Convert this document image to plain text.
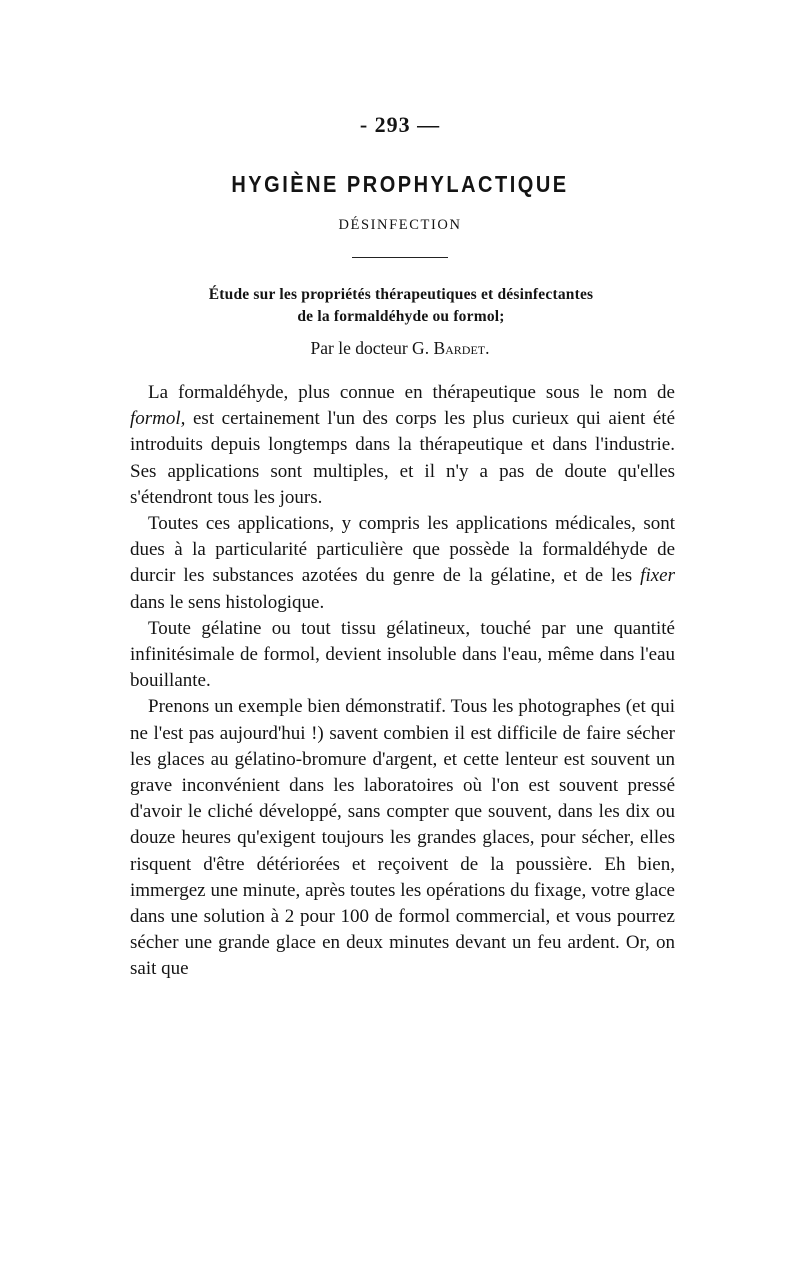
- 293 —
HYGIÈNE PROPHYLACTIQUE
DÉSINFECTION
Étude sur les propriétés thérapeutiques et désinfectantes
de la formaldéhyde ou formol;
Par le docteur G. Bardet.

La formaldéhyde, plus connue en thérapeutique sous le nom de formol, est certainement l'un des corps les plus curieux qui aient été introduits depuis longtemps dans la thérapeutique et dans l'industrie. Ses applications sont multiples, et il n'y a pas de doute qu'elles s'étendront tous les jours.

Toutes ces applications, y compris les applications médicales, sont dues à la particularité particulière que possède la formaldéhyde de durcir les substances azotées du genre de la gélatine, et de les fixer dans le sens histologique.

Toute gélatine ou tout tissu gélatineux, touché par une quantité infinitésimale de formol, devient insoluble dans l'eau, même dans l'eau bouillante.

Prenons un exemple bien démonstratif. Tous les photographes (et qui ne l'est pas aujourd'hui !) savent combien il est difficile de faire sécher les glaces au gélatino-bromure d'argent, et cette lenteur est souvent un grave inconvénient dans les laboratoires où l'on est souvent pressé d'avoir le cliché développé, sans compter que souvent, dans les dix ou douze heures qu'exigent toujours les grandes glaces, pour sécher, elles risquent d'être détériorées et reçoivent de la poussière. Eh bien, immergez une minute, après toutes les opérations du fixage, votre glace dans une solution à 2 pour 100 de formol commercial, et vous pourrez sécher une grande glace en deux minutes devant un feu ardent. Or, on sait que
